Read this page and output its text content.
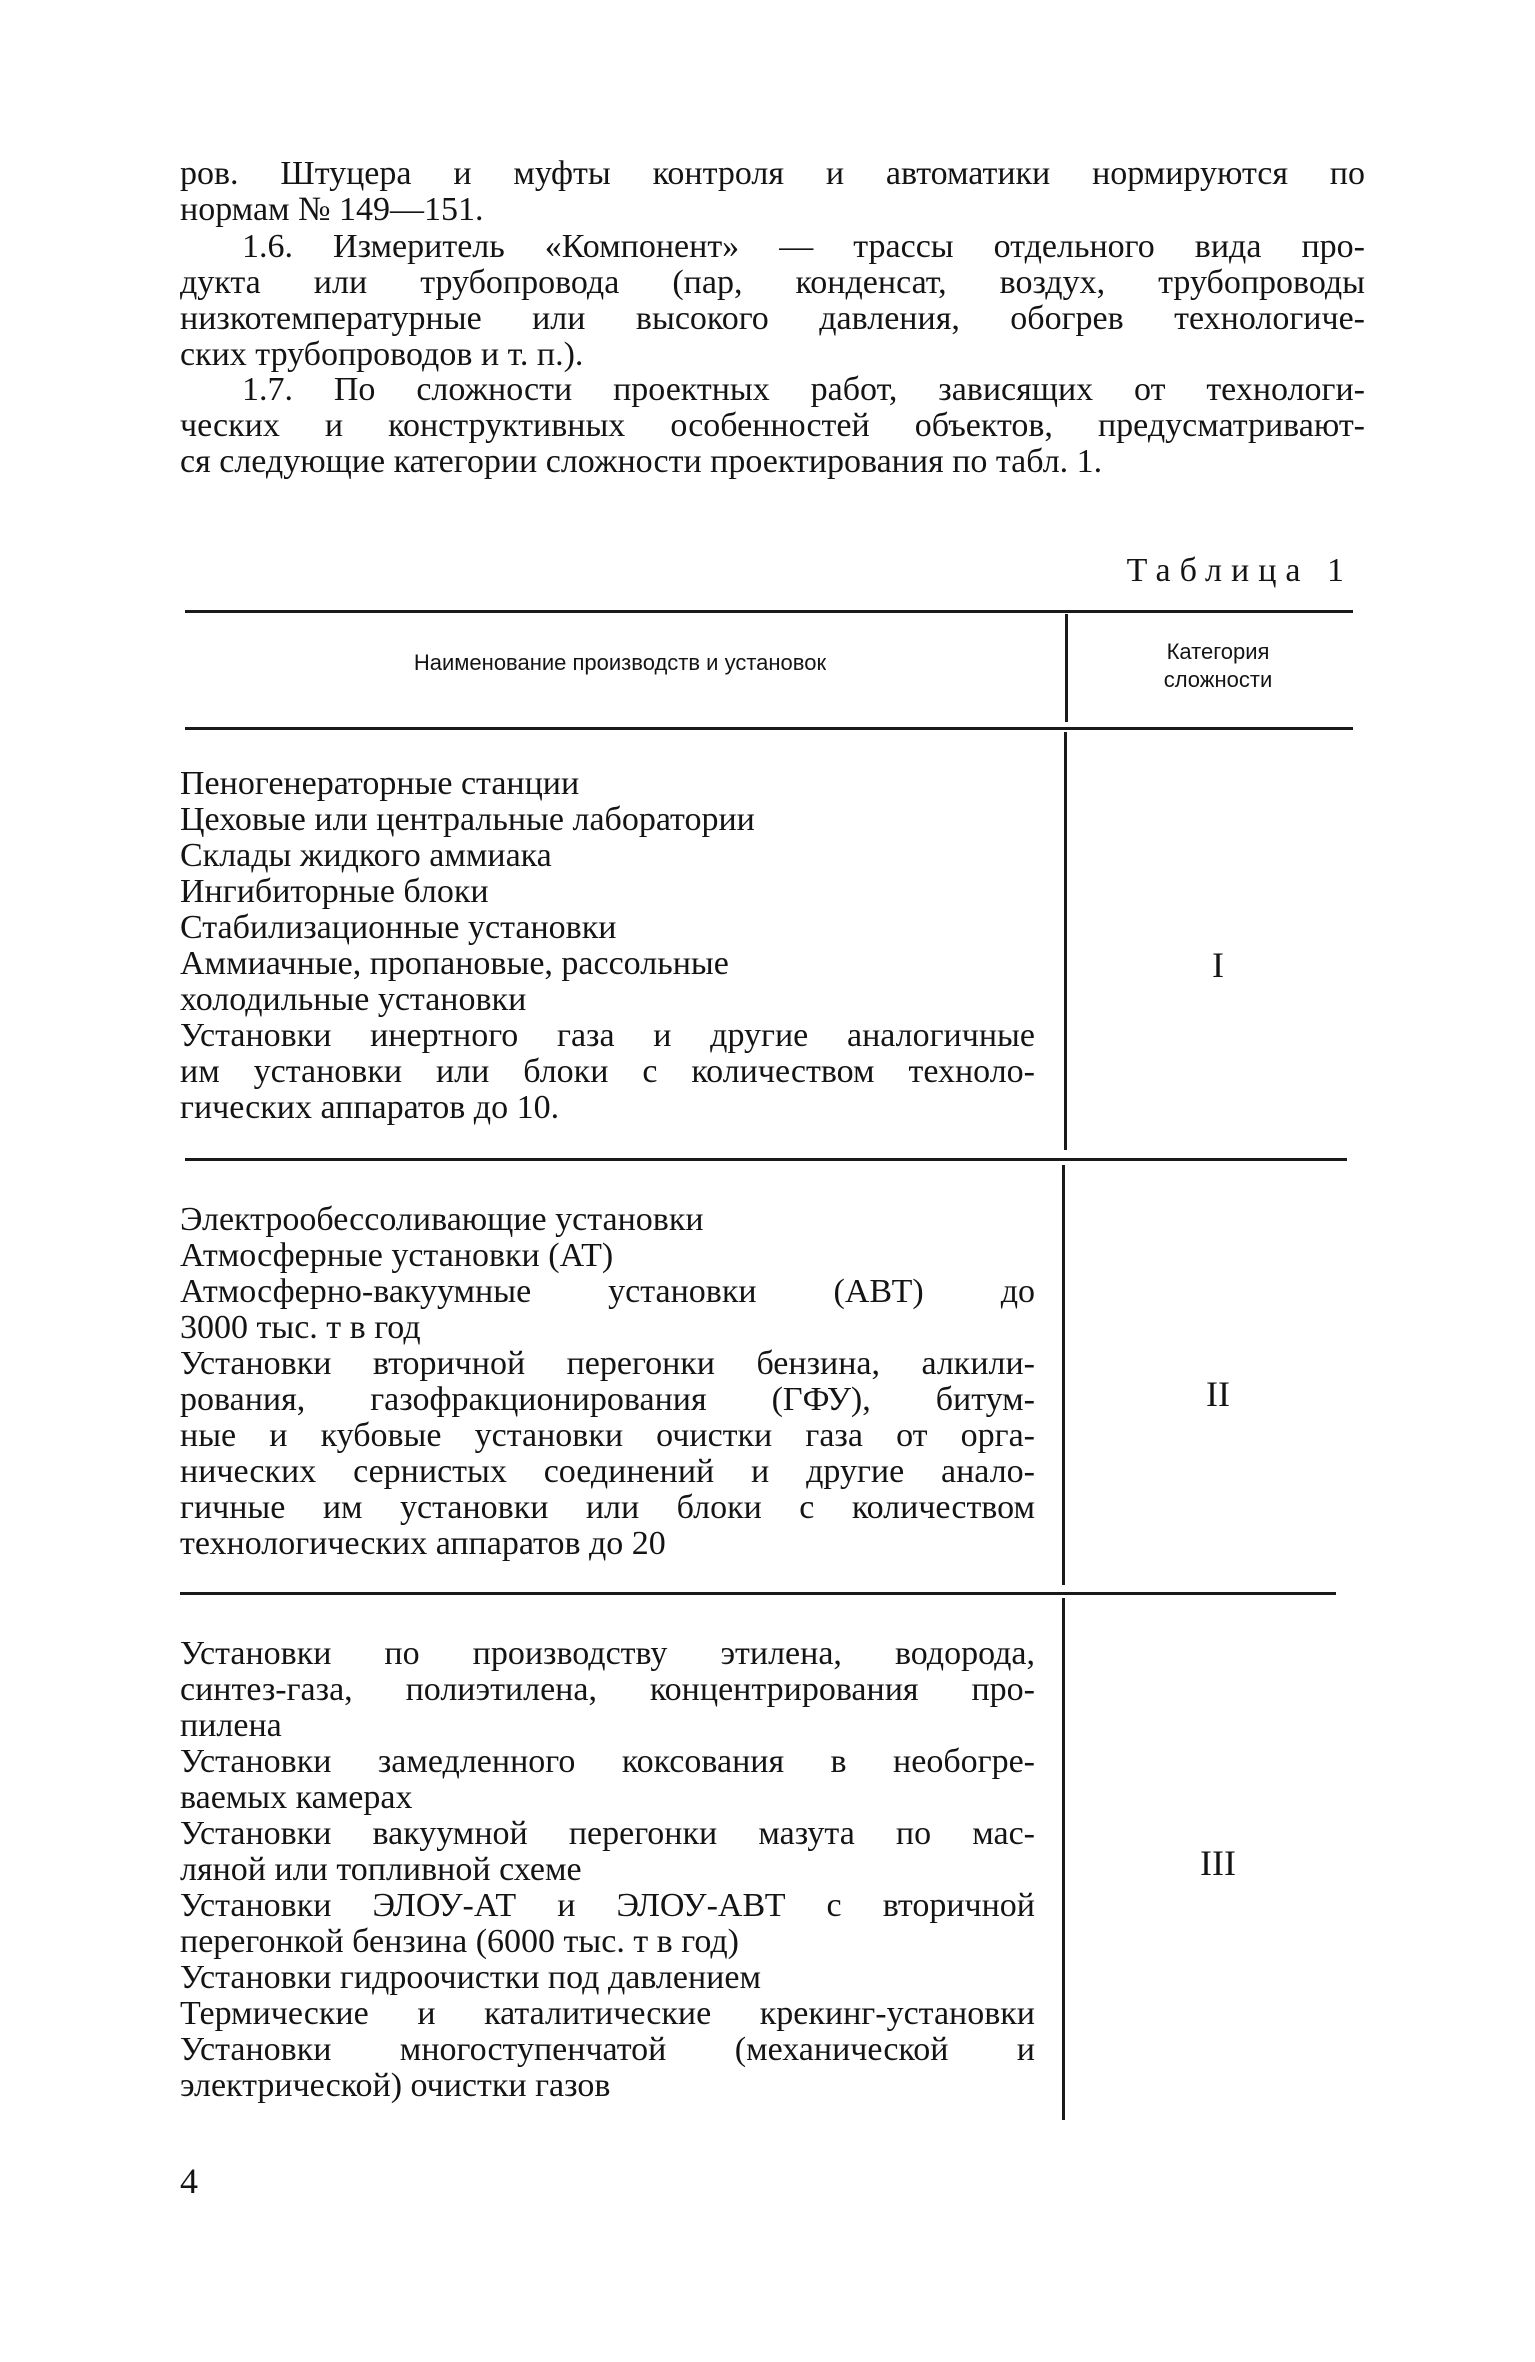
ров. Штуцера и муфты контроля и автоматики нормируются по
нормам № 149—151.
1.6. Измеритель «Компонент» — трассы отдельного вида про-
дукта или трубопровода (пар, конденсат, воздух, трубопроводы
низкотемпературные или высокого давления, обогрев технологиче-
ских трубопроводов и т. п.).
1.7. По сложности проектных работ, зависящих от технологи-
ческих и конструктивных особенностей объектов, предусматривают-
ся следующие категории сложности проектирования по табл. 1.
Таблица 1
Наименование производств и установок	Категория
сложности
Пеногенераторные станции
Цеховые или центральные лаборатории
Склады жидкого аммиака
Ингибиторные блоки
Стабилизационные установки
Аммиачные, пропановые, рассольные
холодильные установки
Установки инертного газа и другие аналогичные
им установки или блоки с количеством техноло-
гических аппаратов до 10.
I
Электрообессоливающие установки
Атмосферные установки (АТ)
Атмосферно-вакуумные установки (АВТ) до
3000 тыс. т в год
Установки вторичной перегонки бензина, алкили-
рования, газофракционирования (ГФУ), битум-
ные и кубовые установки очистки газа от орга-
нических сернистых соединений и другие анало-
гичные им установки или блоки с количеством
технологических аппаратов до 20
II
Установки по производству этилена, водорода,
синтез-газа, полиэтилена, концентрирования про-
пилена
Установки замедленного коксования в необогре-
ваемых камерах
Установки вакуумной перегонки мазута по мас-
ляной или топливной схеме
Установки ЭЛОУ-АТ и ЭЛОУ-АВТ с вторичной
перегонкой бензина (6000 тыс. т в год)
Установки гидроочистки под давлением
Термические и каталитические крекинг-установки
Установки многоступенчатой (механической и
электрической) очистки газов
III
4
